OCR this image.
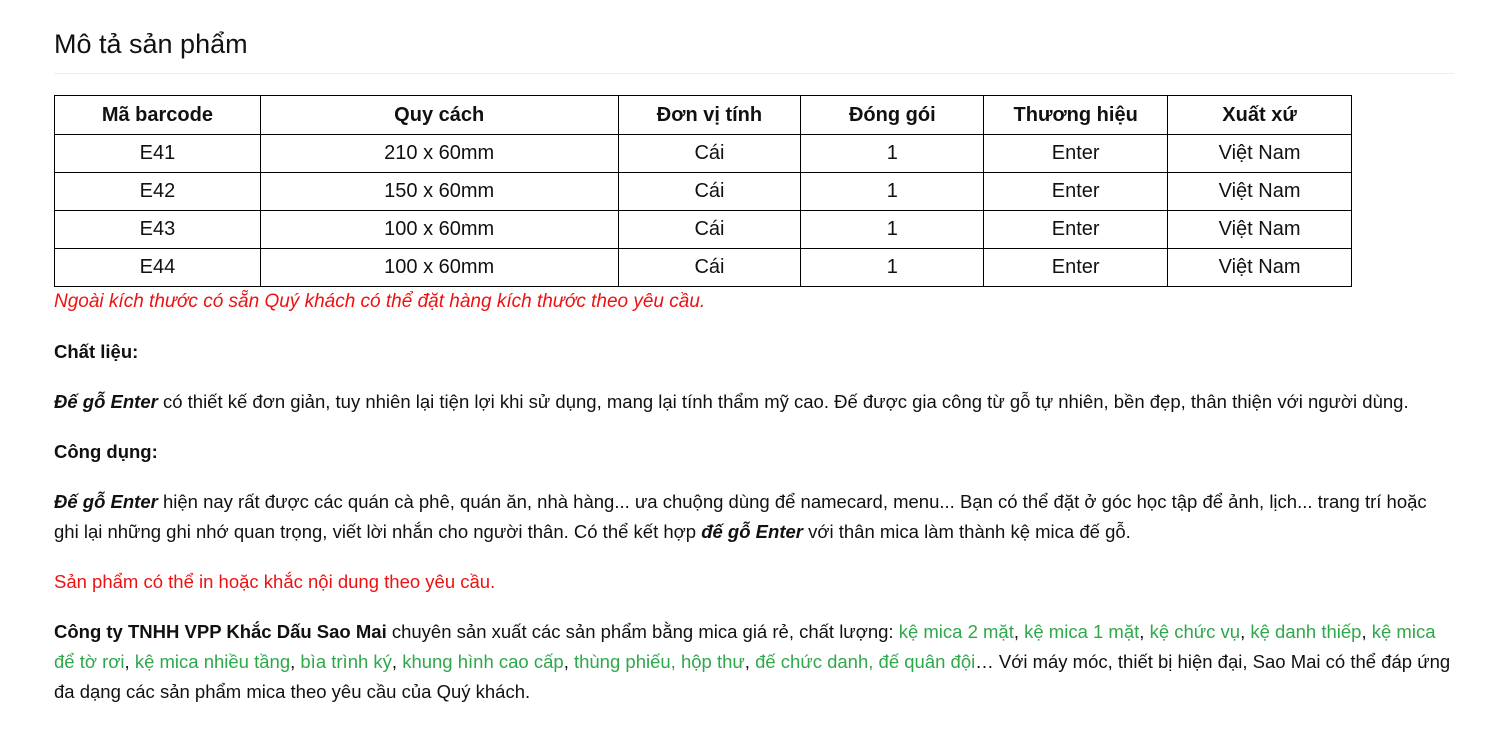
Mô tả sản phẩm
Mã barcode	Quy cách	Đơn vị tính	Đóng gói	Thương hiệu	Xuất xứ
E41	210 x 60mm	Cái	1	Enter	Việt Nam
E42	150 x 60mm	Cái	1	Enter	Việt Nam
E43	100 x 60mm	Cái	1	Enter	Việt Nam
E44	100 x 60mm	Cái	1	Enter	Việt Nam

Ngoài kích thước có sẵn Quý khách có thể đặt hàng kích thước theo yêu cầu.

Chất liệu:

Đế gỗ Enter có thiết kế đơn giản, tuy nhiên lại tiện lợi khi sử dụng, mang lại tính thẩm mỹ cao. Đế được gia công từ gỗ tự nhiên, bền đẹp, thân thiện với người dùng.

Công dụng:

Đế gỗ Enter hiện nay rất được các quán cà phê, quán ăn, nhà hàng... ưa chuộng dùng để namecard, menu... Bạn có thể đặt ở góc học tập để ảnh, lịch... trang trí hoặc ghi lại những ghi nhớ quan trọng, viết lời nhắn cho người thân. Có thể kết hợp đế gỗ Enter với thân mica làm thành kệ mica đế gỗ.

Sản phẩm có thể in hoặc khắc nội dung theo yêu cầu.

Công ty TNHH VPP Khắc Dấu Sao Mai chuyên sản xuất các sản phẩm bằng mica giá rẻ, chất lượng: kệ mica 2 mặt, kệ mica 1 mặt, kệ chức vụ, kệ danh thiếp, kệ mica để tờ rơi, kệ mica nhiều tầng, bìa trình ký, khung hình cao cấp, thùng phiếu, hộp thư, đế chức danh, đế quân đội… Với máy móc, thiết bị hiện đại, Sao Mai có thể đáp ứng đa dạng các sản phẩm mica theo yêu cầu của Quý khách.
